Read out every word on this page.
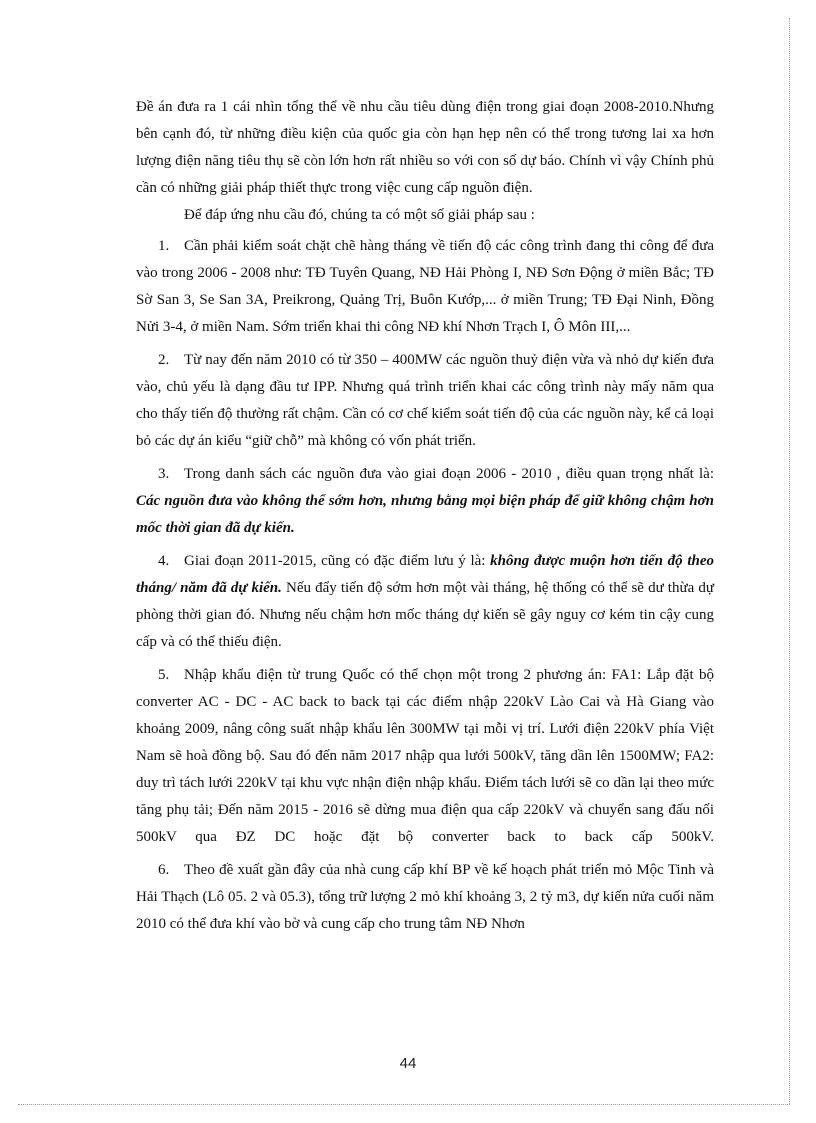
Đề án đưa ra 1 cái nhìn tổng thể về nhu cầu tiêu dùng điện trong giai đoạn 2008-2010.Nhưng bên cạnh đó, từ những điều kiện của quốc gia còn hạn hẹp nên có thể trong tương lai xa hơn lượng điện năng tiêu thụ sẽ còn lớn hơn rất nhiều so với con số dự báo. Chính vì vậy Chính phủ cần có những giải pháp thiết thực trong việc cung cấp nguồn điện.

Để đáp ứng nhu cầu đó, chúng ta có một số giải pháp sau :

1. Cần phải kiểm soát chặt chẽ hàng tháng về tiến độ các công trình đang thi công để đưa vào trong 2006 - 2008 như: TĐ Tuyên Quang, NĐ Hải Phòng I, NĐ Sơn Động ở miền Bắc; TĐ Sờ San 3, Se San 3A, Preikrong, Quảng Trị, Buôn Kướp,... ở miền Trung; TĐ Đại Ninh, Đồng Nửi 3-4, ở miền Nam. Sớm triển khai thi công NĐ khí Nhơn Trạch I, Ô Môn III,...

2. Từ nay đến năm 2010 có từ 350 – 400MW các nguồn thuỷ điện vừa và nhỏ dự kiến đưa vào, chủ yếu là dạng đầu tư IPP. Nhưng quá trình triển khai các công trình này mấy năm qua cho thấy tiến độ thường rất chậm. Cần có cơ chế kiểm soát tiến độ của các nguồn này, kể cả loại bỏ các dự án kiểu “giữ chỗ” mà không có vốn phát triển.

3. Trong danh sách các nguồn đưa vào giai đoạn 2006 - 2010 , điều quan trọng nhất là: Các nguồn đưa vào không thể sớm hơn, nhưng bằng mọi biện pháp để giữ không chậm hơn mốc thời gian đã dự kiến.

4. Giai đoạn 2011-2015, cũng có đặc điểm lưu ý là: không được muộn hơn tiến độ theo tháng/ năm đã dự kiến. Nếu đẩy tiến độ sớm hơn một vài tháng, hệ thống có thể sẽ dư thừa dự phòng thời gian đó. Nhưng nếu chậm hơn mốc tháng dự kiến sẽ gây nguy cơ kém tin cậy cung cấp và có thể thiếu điện.

5. Nhập khẩu điện từ trung Quốc có thể chọn một trong 2 phương án: FA1: Lắp đặt bộ converter AC - DC - AC back to back tại các điểm nhập 220kV Lào Cai và Hà Giang vào khoảng 2009, nâng công suất nhập khẩu lên 300MW tại mỗi vị trí. Lưới điện 220kV phía Việt Nam sẽ hoà đồng bộ. Sau đó đến năm 2017 nhập qua lưới 500kV, tăng dần lên 1500MW; FA2: duy trì tách lưới 220kV tại khu vực nhận điện nhập khẩu. Điểm tách lưới sẽ co dần lại theo mức tăng phụ tải; Đến năm 2015 - 2016 sẽ dừng mua điện qua cấp 220kV và chuyển sang đấu nối 500kV qua ĐZ DC hoặc đặt bộ converter back to back cấp 500kV.

6. Theo đề xuất gần đây của nhà cung cấp khí BP về kế hoạch phát triển mỏ Mộc Tinh và Hải Thạch (Lô 05. 2 và 05.3), tổng trữ lượng 2 mỏ khí khoảng 3, 2 tỷ m3, dự kiến nửa cuối năm 2010 có thể đưa khí vào bờ và cung cấp cho trung tâm NĐ Nhơn

44
